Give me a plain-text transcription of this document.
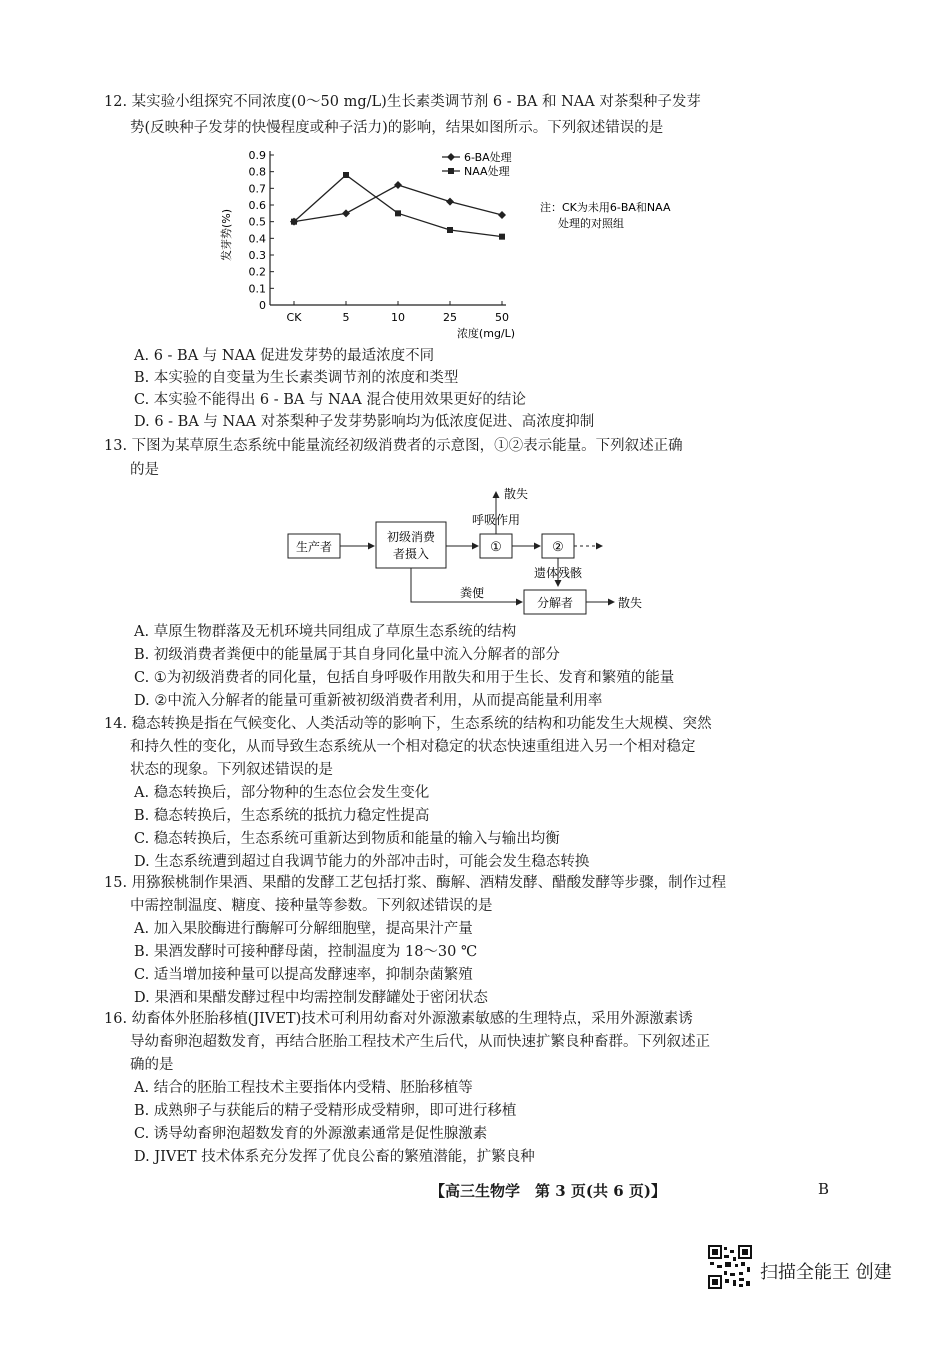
12. 某实验小组探究不同浓度(0～50 mg/L)生长素类调节剂 6 - BA 和 NAA 对茶梨种子发芽
势(反映种子发芽的快慢程度或种子活力)的影响，结果如图所示。下列叙述错误的是
0
0.1
0.2
0.3
0.4
0.5
0.6
0.7
0.8
0.9
CK	5	10	25	50
发芽势(%)
浓度(mg/L)
6-BA处理
NAA处理
注：CK为未用6-BA和NAA
处理的对照组
A. 6 - BA 与 NAA 促进发芽势的最适浓度不同
B. 本实验的自变量为生长素类调节剂的浓度和类型
C. 本实验不能得出 6 - BA 与 NAA 混合使用效果更好的结论
D. 6 - BA 与 NAA 对茶梨种子发芽势影响均为低浓度促进、高浓度抑制
13. 下图为某草原生态系统中能量流经初级消费者的示意图，①②表示能量。下列叙述正确
的是
生产者
初级消费
者摄入	①	②
散失
呼吸作用
遗体残骸
粪便
分解者	散失
A. 草原生物群落及无机环境共同组成了草原生态系统的结构
B. 初级消费者粪便中的能量属于其自身同化量中流入分解者的部分
C. ①为初级消费者的同化量，包括自身呼吸作用散失和用于生长、发育和繁殖的能量
D. ②中流入分解者的能量可重新被初级消费者利用，从而提高能量利用率
14. 稳态转换是指在气候变化、人类活动等的影响下，生态系统的结构和功能发生大规模、突然
和持久性的变化，从而导致生态系统从一个相对稳定的状态快速重组进入另一个相对稳定
状态的现象。下列叙述错误的是
A. 稳态转换后，部分物种的生态位会发生变化
B. 稳态转换后，生态系统的抵抗力稳定性提高
C. 稳态转换后，生态系统可重新达到物质和能量的输入与输出均衡
D. 生态系统遭到超过自我调节能力的外部冲击时，可能会发生稳态转换
15. 用猕猴桃制作果酒、果醋的发酵工艺包括打浆、酶解、酒精发酵、醋酸发酵等步骤，制作过程
中需控制温度、糖度、接种量等参数。下列叙述错误的是
A. 加入果胶酶进行酶解可分解细胞壁，提高果汁产量
B. 果酒发酵时可接种酵母菌，控制温度为 18～30 ℃
C. 适当增加接种量可以提高发酵速率，抑制杂菌繁殖
D. 果酒和果醋发酵过程中均需控制发酵罐处于密闭状态
16. 幼畜体外胚胎移植(JIVET)技术可利用幼畜对外源激素敏感的生理特点，采用外源激素诱
导幼畜卵泡超数发育，再结合胚胎工程技术产生后代，从而快速扩繁良种畜群。下列叙述正
确的是
A. 结合的胚胎工程技术主要指体内受精、胚胎移植等
B. 成熟卵子与获能后的精子受精形成受精卵，即可进行移植
C. 诱导幼畜卵泡超数发育的外源激素通常是促性腺激素
D. JIVET 技术体系充分发挥了优良公畜的繁殖潜能，扩繁良种
【高三生物学　第 3 页(共 6 页)】	B
扫描全能王 创建
